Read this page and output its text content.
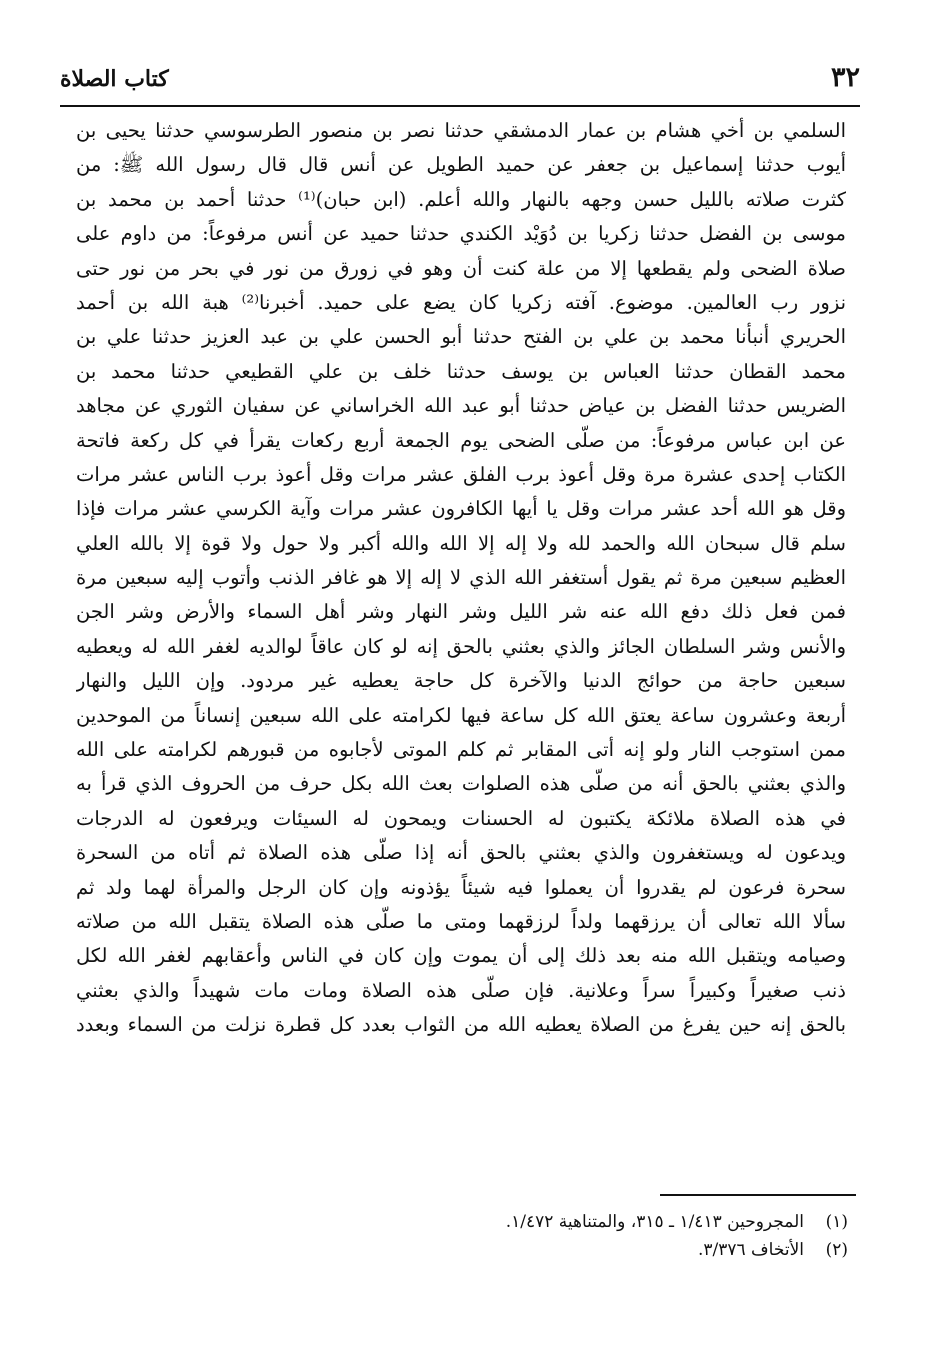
٣٢
كتاب الصلاة
السلمي بن أخي هشام بن عمار الدمشقي حدثنا نصر بن منصور الطرسوسي حدثنا يحيى بن
أيوب حدثنا إسماعيل بن جعفر عن حميد الطويل عن أنس قال قال رسول الله ﷺ: من
كثرت صلاته بالليل حسن وجهه بالنهار والله أعلم. (ابن حبان)⁽¹⁾ حدثنا أحمد بن محمد بن
موسى بن الفضل حدثنا زكريا بن دُوَيْد الكندي حدثنا حميد عن أنس مرفوعاً: من داوم على
صلاة الضحى ولم يقطعها إلا من علة كنت أن وهو في زورق من نور في بحر من نور حتى
نزور رب العالمين. موضوع. آفته زكريا كان يضع على حميد. أخبرنا⁽²⁾ هبة الله بن أحمد
الحريري أنبأنا محمد بن علي بن الفتح حدثنا أبو الحسن علي بن عبد العزيز حدثنا علي بن
محمد القطان حدثنا العباس بن يوسف حدثنا خلف بن علي القطيعي حدثنا محمد بن
الضريس حدثنا الفضل بن عياض حدثنا أبو عبد الله الخراساني عن سفيان الثوري عن مجاهد
عن ابن عباس مرفوعاً: من صلّى الضحى يوم الجمعة أربع ركعات يقرأ في كل ركعة فاتحة
الكتاب إحدى عشرة مرة وقل أعوذ برب الفلق عشر مرات وقل أعوذ برب الناس عشر مرات
وقل هو الله أحد عشر مرات وقل يا أيها الكافرون عشر مرات وآية الكرسي عشر مرات فإذا
سلم قال سبحان الله والحمد لله ولا إله إلا الله والله أكبر ولا حول ولا قوة إلا بالله العلي
العظيم سبعين مرة ثم يقول أستغفر الله الذي لا إله إلا هو غافر الذنب وأتوب إليه سبعين مرة
فمن فعل ذلك دفع الله عنه شر الليل وشر النهار وشر أهل السماء والأرض وشر الجن
والأنس وشر السلطان الجائز والذي بعثني بالحق إنه لو كان عاقاً لوالديه لغفر الله له ويعطيه
سبعين حاجة من حوائج الدنيا والآخرة كل حاجة يعطيه غير مردود. وإن الليل والنهار
أربعة وعشرون ساعة يعتق الله كل ساعة فيها لكرامته على الله سبعين إنساناً من الموحدين
ممن استوجب النار ولو إنه أتى المقابر ثم كلم الموتى لأجابوه من قبورهم لكرامته على الله
والذي بعثني بالحق أنه من صلّى هذه الصلوات بعث الله بكل حرف من الحروف الذي قرأ به
في هذه الصلاة ملائكة يكتبون له الحسنات ويمحون له السيئات ويرفعون له الدرجات
ويدعون له ويستغفرون والذي بعثني بالحق أنه إذا صلّى هذه الصلاة ثم أتاه من السحرة
سحرة فرعون لم يقدروا أن يعملوا فيه شيئاً يؤذونه وإن كان الرجل والمرأة لهما ولد ثم
سألا الله تعالى أن يرزقهما ولداً لرزقهما ومتى ما صلّى هذه الصلاة يتقبل الله من صلاته
وصيامه ويتقبل الله منه بعد ذلك إلى أن يموت وإن كان في الناس وأعقابهم لغفر الله لكل
ذنب صغيراً وكبيراً سراً وعلانية. فإن صلّى هذه الصلاة ومات مات شهيداً والذي بعثني
بالحق إنه حين يفرغ من الصلاة يعطيه الله من الثواب بعدد كل قطرة نزلت من السماء وبعدد
(١)المجروحين ١/٤١٣ ـ ٣١٥، والمتناهية ١/٤٧٢.
(٢)الأتخاف ٣/٣٧٦.
